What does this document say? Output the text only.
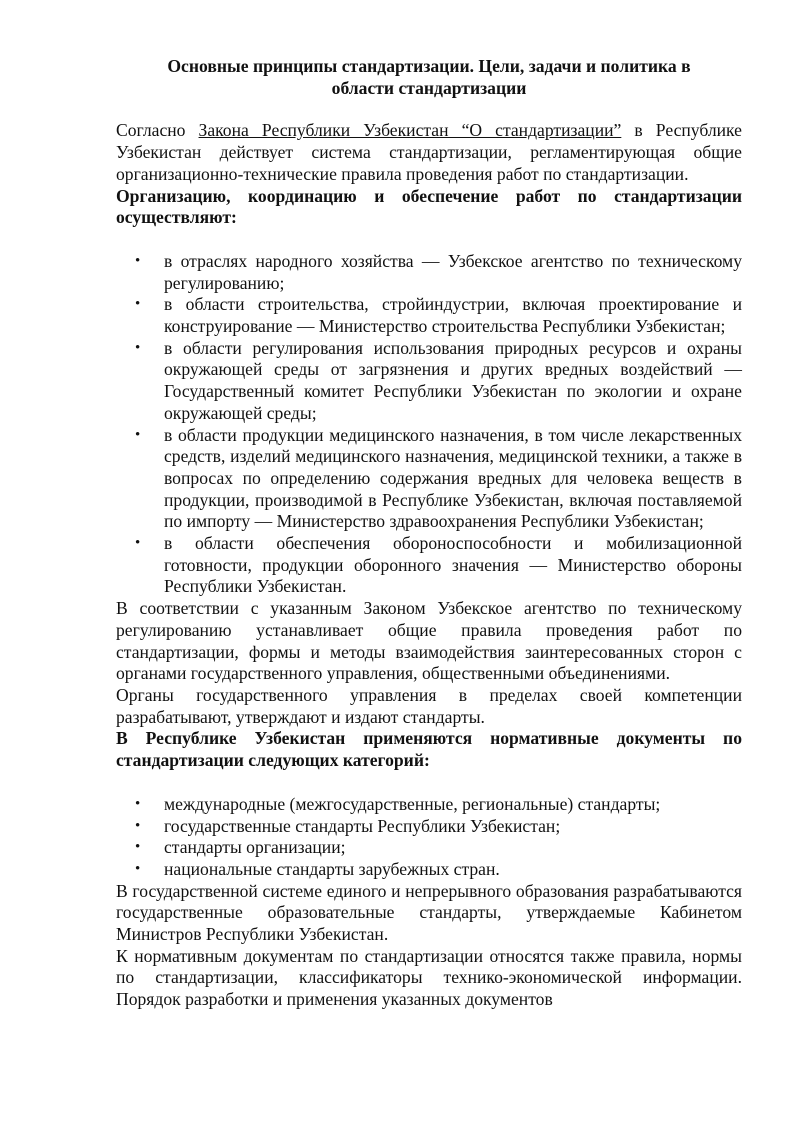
Основные принципы стандартизации. Цели, задачи и политика в
области стандартизации

Согласно Закона Республики Узбекистан “О стандартизации” в Республике Узбекистан действует система стандартизации, регламентирующая общие организационно-технические правила проведения работ по стандартизации.

Организацию, координацию и обеспечение работ по стандартизации осуществляют:

• в отраслях народного хозяйства — Узбекское агентство по техническому регулированию;
• в области строительства, стройиндустрии, включая проектирование и конструирование — Министерство строительства Республики Узбекистан;
• в области регулирования использования природных ресурсов и охраны окружающей среды от загрязнения и других вредных воздействий — Государственный комитет Республики Узбекистан по экологии и охране окружающей среды;
• в области продукции медицинского назначения, в том числе лекарственных средств, изделий медицинского назначения, медицинской техники, а также в вопросах по определению содержания вредных для человека веществ в продукции, производимой в Республике Узбекистан, включая поставляемой по импорту — Министерство здравоохранения Республики Узбекистан;
• в области обеспечения обороноспособности и мобилизационной готовности, продукции оборонного значения — Министерство обороны Республики Узбекистан.

В соответствии с указанным Законом Узбекское агентство по техническому регулированию устанавливает общие правила проведения работ по стандартизации, формы и методы взаимодействия заинтересованных сторон с органами государственного управления, общественными объединениями.

Органы государственного управления в пределах своей компетенции разрабатывают, утверждают и издают стандарты.

В Республике Узбекистан применяются нормативные документы по стандартизации следующих категорий:

• международные (межгосударственные, региональные) стандарты;
• государственные стандарты Республики Узбекистан;
• стандарты организации;
• национальные стандарты зарубежных стран.

В государственной системе единого и непрерывного образования разрабатываются государственные образовательные стандарты, утверждаемые Кабинетом Министров Республики Узбекистан.

К нормативным документам по стандартизации относятся также правила, нормы по стандартизации, классификаторы технико-экономической информации. Порядок разработки и применения указанных документов
